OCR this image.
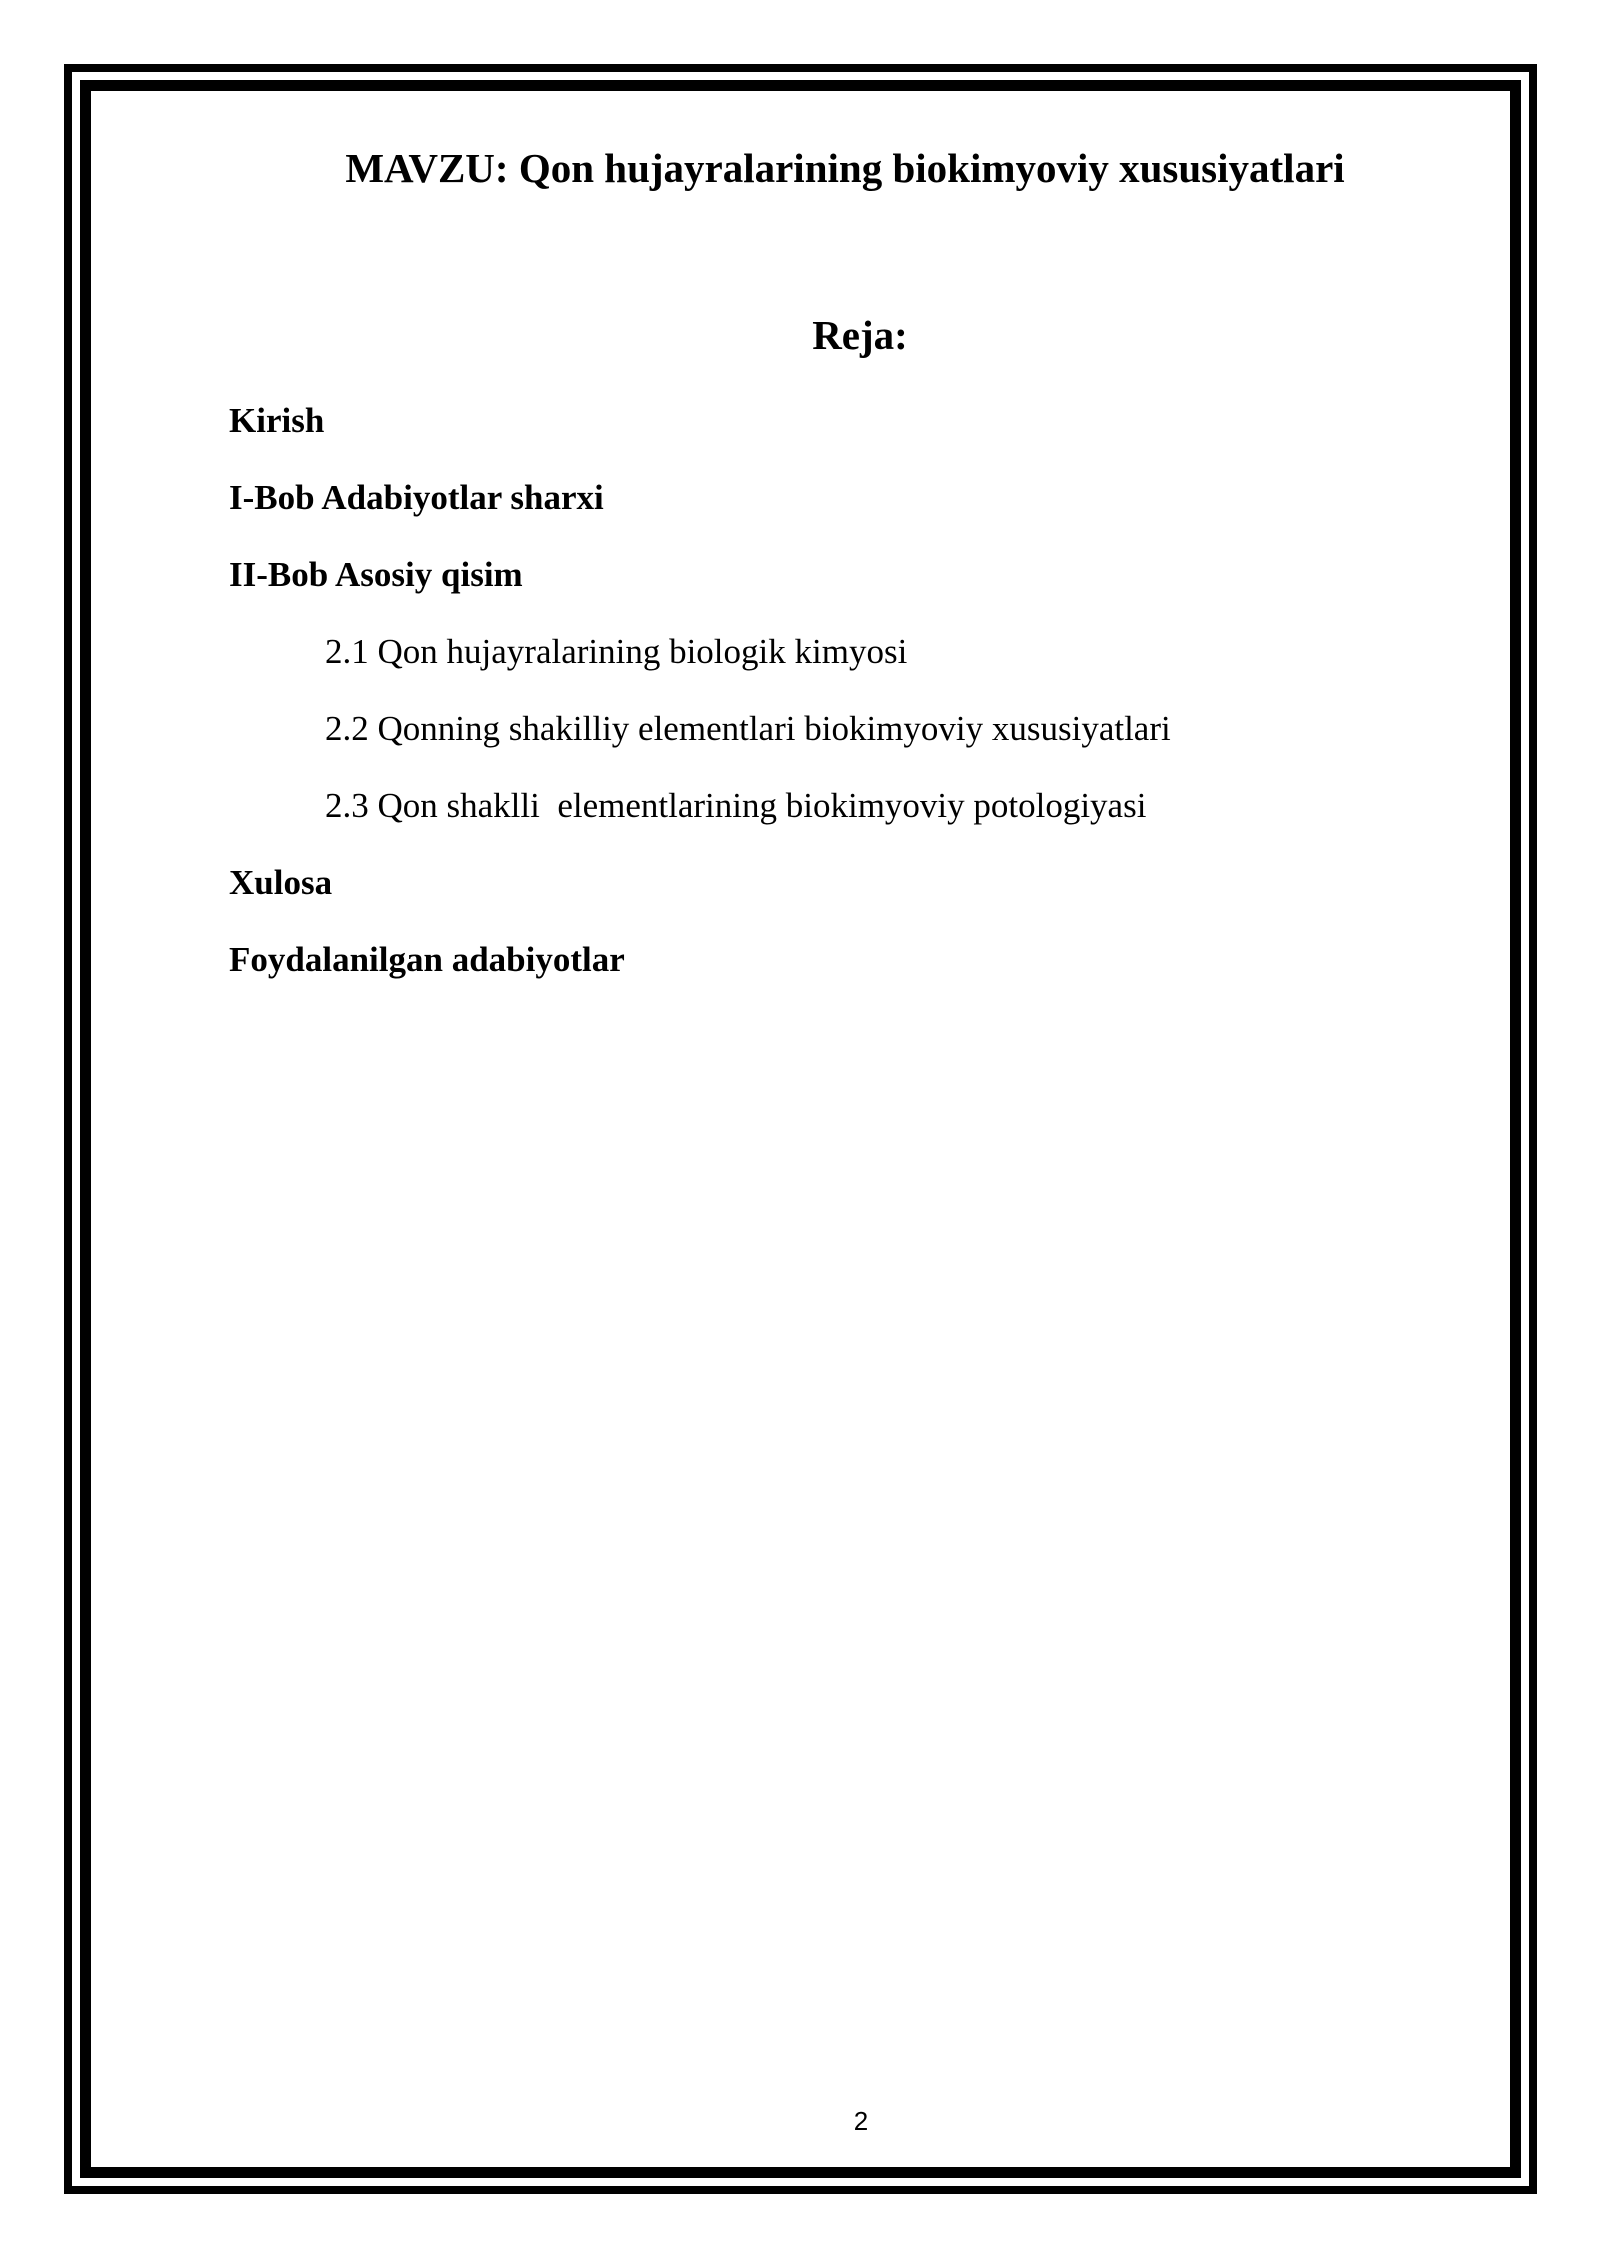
MAVZU: Qon hujayralarining biokimyoviy xususiyatlari
Reja:
Kirish
I-Bob Adabiyotlar sharxi
II-Bob Asosiy qisim
2.1 Qon hujayralarining biologik kimyosi
2.2 Qonning shakilliy elementlari biokimyoviy xususiyatlari
2.3 Qon shaklli  elementlarining biokimyoviy potologiyasi
Xulosa
Foydalanilgan adabiyotlar
2
